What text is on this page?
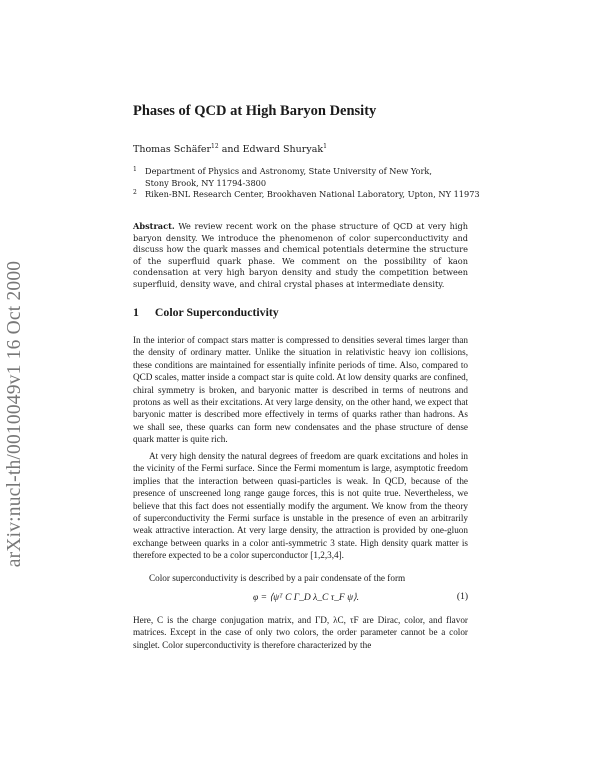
arXiv:nucl-th/0010049v1 16 Oct 2000
Phases of QCD at High Baryon Density
Thomas Schäfer$^{12}$ and Edward Shuryak$^1$
1 Department of Physics and Astronomy, State University of New York, Stony Brook, NY 11794-3800
2 Riken-BNL Research Center, Brookhaven National Laboratory, Upton, NY 11973
Abstract. We review recent work on the phase structure of QCD at very high baryon density. We introduce the phenomenon of color superconductivity and discuss how the quark masses and chemical potentials determine the structure of the superfluid quark phase. We comment on the possibility of kaon condensation at very high baryon density and study the competition between superfluid, density wave, and chiral crystal phases at intermediate density.
1 Color Superconductivity
In the interior of compact stars matter is compressed to densities several times larger than the density of ordinary matter. Unlike the situation in relativistic heavy ion collisions, these conditions are maintained for essentially infinite periods of time. Also, compared to QCD scales, matter inside a compact star is quite cold. At low density quarks are confined, chiral symmetry is broken, and baryonic matter is described in terms of neutrons and protons as well as their excitations. At very large density, on the other hand, we expect that baryonic matter is described more effectively in terms of quarks rather than hadrons. As we shall see, these quarks can form new condensates and the phase structure of dense quark matter is quite rich.
At very high density the natural degrees of freedom are quark excitations and holes in the vicinity of the Fermi surface. Since the Fermi momentum is large, asymptotic freedom implies that the interaction between quasi-particles is weak. In QCD, because of the presence of unscreened long range gauge forces, this is not quite true. Nevertheless, we believe that this fact does not essentially modify the argument. We know from the theory of superconductivity the Fermi surface is unstable in the presence of even an arbitrarily weak attractive interaction. At very large density, the attraction is provided by one-gluon exchange between quarks in a color anti-symmetric 3 state. High density quark matter is therefore expected to be a color superconductor [1,2,3,4].
Color superconductivity is described by a pair condensate of the form
φ = ⟨ψᵀ C Γ_D λ_C τ_F ψ⟩.	(1)
Here, C is the charge conjugation matrix, and ΓD, λC, τF are Dirac, color, and flavor matrices. Except in the case of only two colors, the order parameter cannot be a color singlet. Color superconductivity is therefore characterized by the
